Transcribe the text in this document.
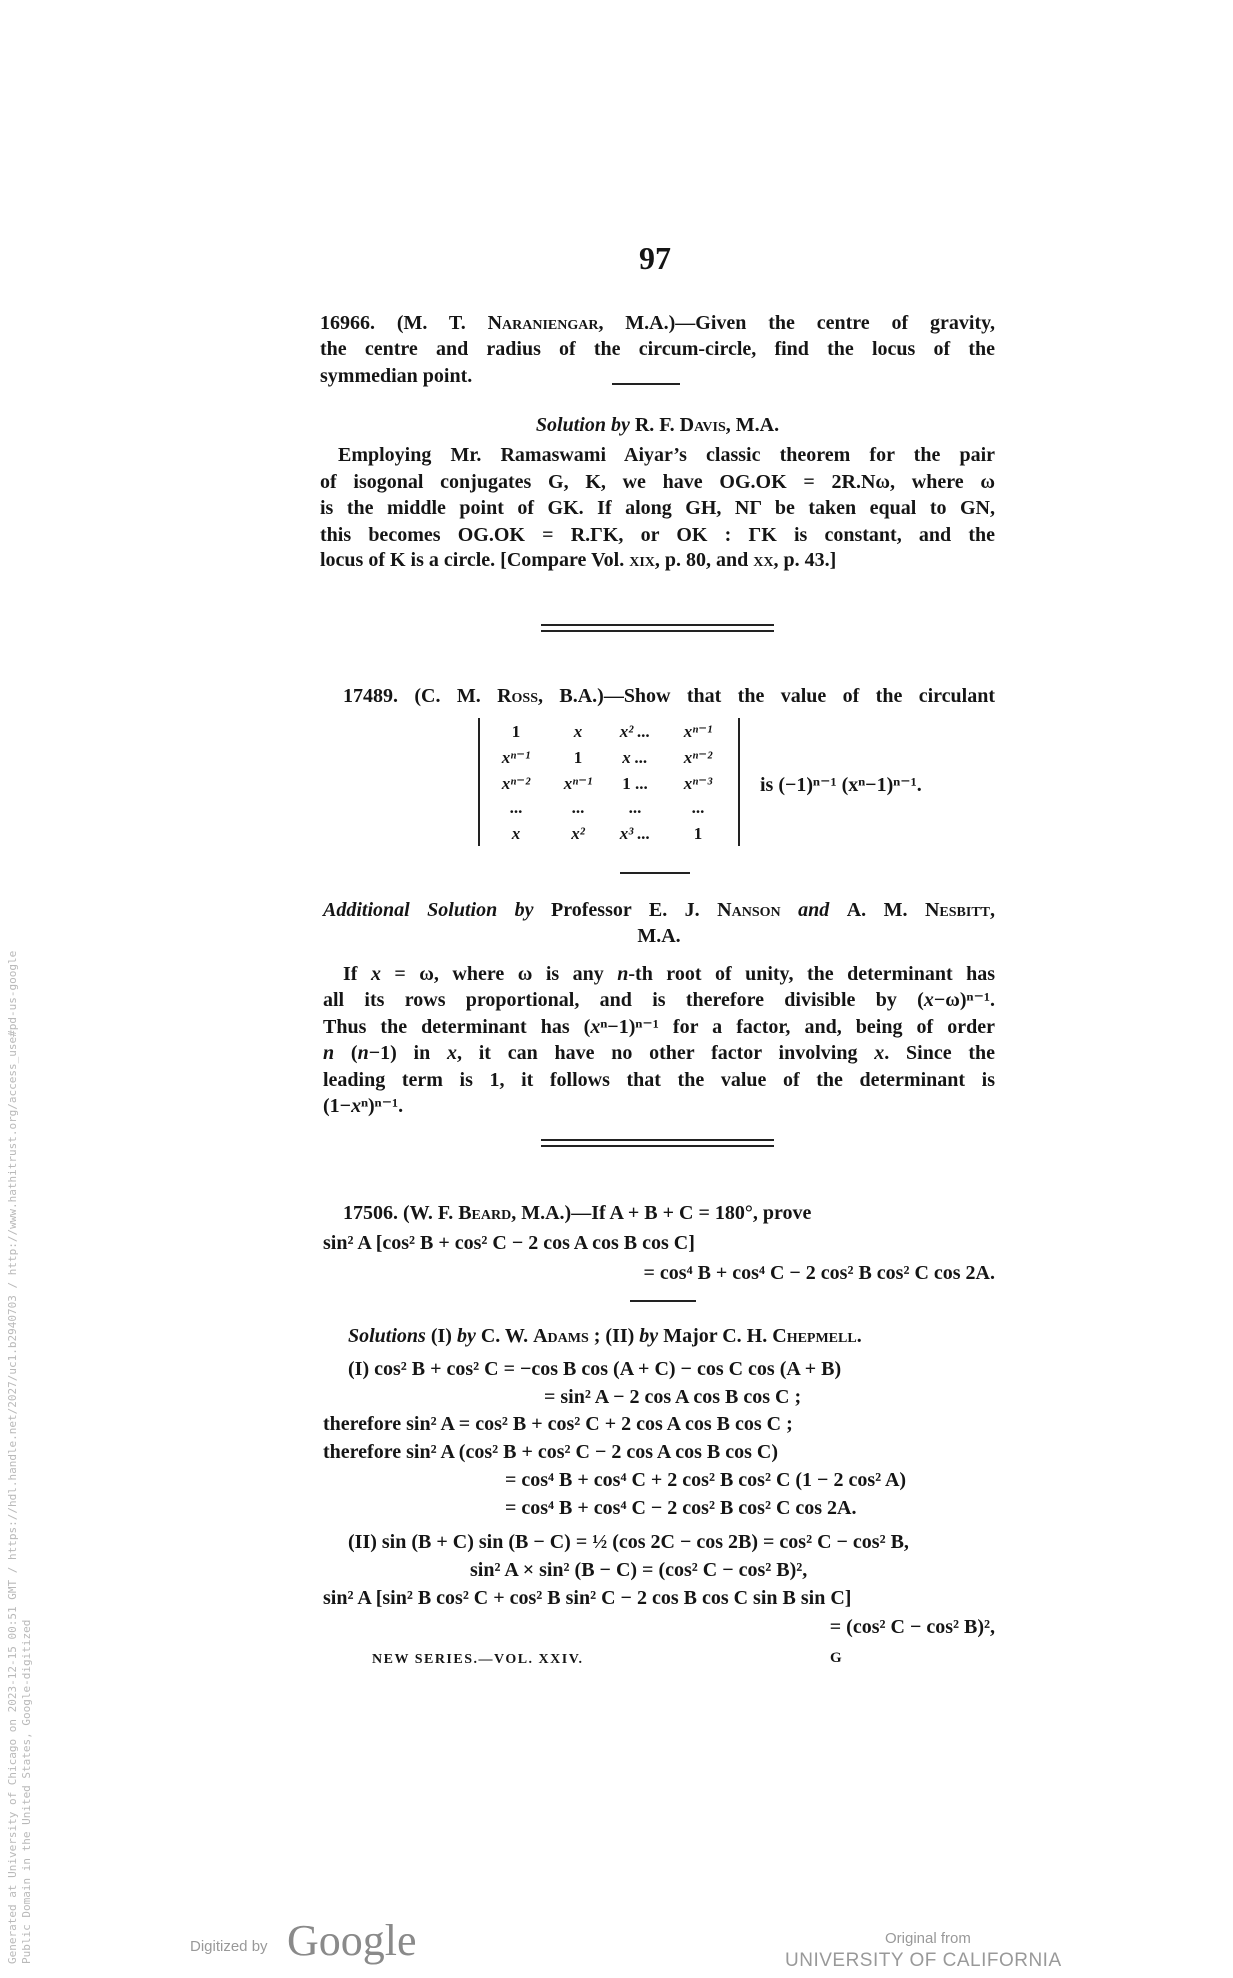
97
16966. (M. T. Naraniengar, M.A.)—Given the centre of gravity,
the centre and radius of the circum-circle, find the locus of the
symmedian point.
Solution by R. F. Davis, M.A.
Employing Mr. Ramaswami Aiyar’s classic theorem for the pair
of isogonal conjugates G, K, we have OG.OK = 2R.Nω, where ω
is the middle point of GK. If along GH, NΓ be taken equal to GN,
this becomes OG.OK = R.ΓK, or OK : ΓK is constant, and the
locus of K is a circle. [Compare Vol. xix, p. 80, and xx, p. 43.]
17489. (C. M. Ross, B.A.)—Show that the value of the circulant
Additional Solution by Professor E. J. Nanson and A. M. Nesbitt,
M.A.
If x = ω, where ω is any n-th root of unity, the determinant has
all its rows proportional, and is therefore divisible by (x−ω)ⁿ⁻¹.
Thus the determinant has (xⁿ−1)ⁿ⁻¹ for a factor, and, being of order
n (n−1) in x, it can have no other factor involving x. Since the
leading term is 1, it follows that the value of the determinant is
(1−xⁿ)ⁿ⁻¹.
17506. (W. F. Beard, M.A.)—If A + B + C = 180°, prove
sin² A [cos² B + cos² C − 2 cos A cos B cos C]
= cos⁴ B + cos⁴ C − 2 cos² B cos² C cos 2A.
Solutions (I) by C. W. Adams ; (II) by Major C. H. Chepmell.
(I) cos² B + cos² C = −cos B cos (A + C) − cos C cos (A + B)
= sin² A − 2 cos A cos B cos C ;
therefore sin² A = cos² B + cos² C + 2 cos A cos B cos C ;
therefore sin² A (cos² B + cos² C − 2 cos A cos B cos C)
= cos⁴ B + cos⁴ C + 2 cos² B cos² C (1 − 2 cos² A)
= cos⁴ B + cos⁴ C − 2 cos² B cos² C cos 2A.
(II) sin (B + C) sin (B − C) = ½ (cos 2C − cos 2B) = cos² C − cos² B,
sin² A × sin² (B − C) = (cos² C − cos² B)²,
sin² A [sin² B cos² C + cos² B sin² C − 2 cos B cos C sin B sin C]
= (cos² C − cos² B)²,
1	x	x² ...	xⁿ⁻¹
xⁿ⁻¹	1	x ...	xⁿ⁻²
xⁿ⁻²	xⁿ⁻¹	1 ...	xⁿ⁻³
...	...	...	...
x	x²	x³ ...	1
is (−1)ⁿ⁻¹ (xⁿ−1)ⁿ⁻¹.
NEW SERIES.—VOL. XXIV.	G
Generated at University of Chicago on 2023-12-15 00:51 GMT / https://hdl.handle.net/2027/uc1.b2940703 / http://www.hathitrust.org/access_use#pd-us-google Public Domain in the United States, Google-digitized	Digitized by Google	Original from
UNIVERSITY OF CALIFORNIA
